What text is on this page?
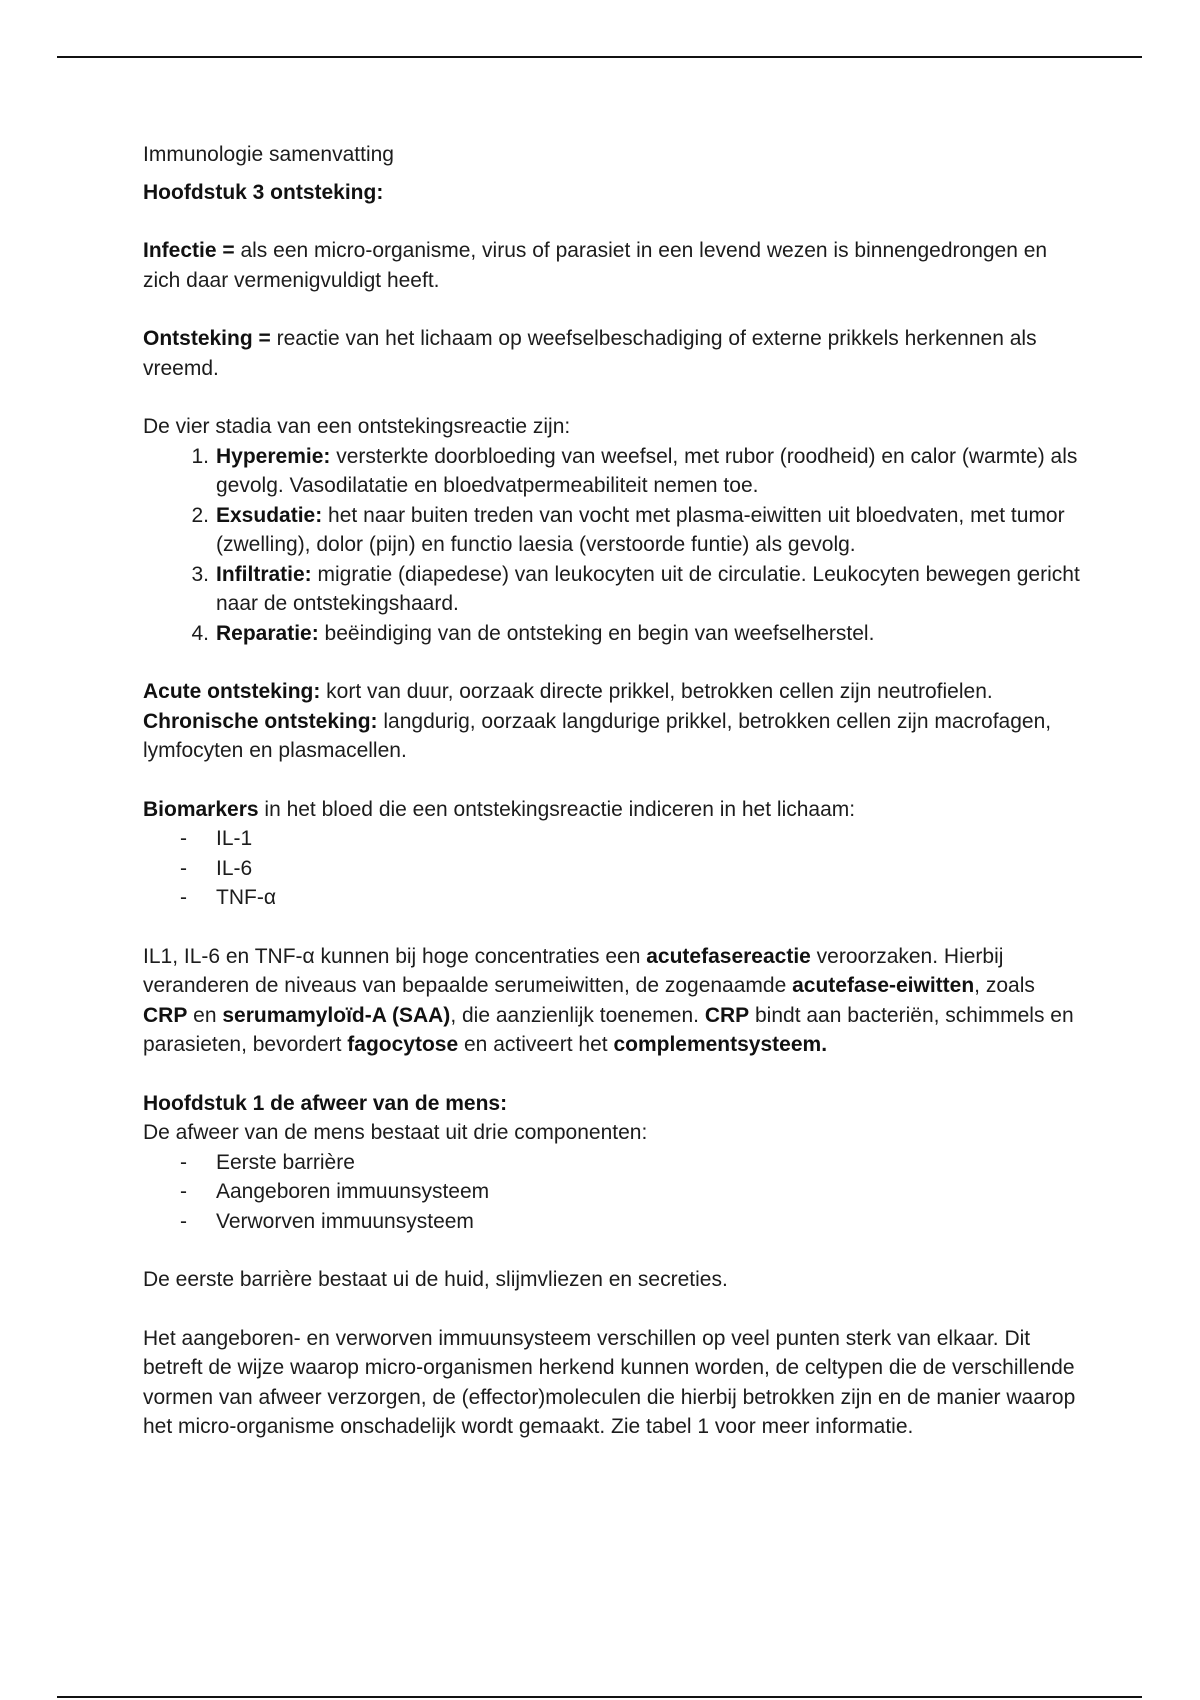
Immunologie samenvatting

Hoofdstuk 3 ontsteking:

Infectie = als een micro-organisme, virus of parasiet in een levend wezen is binnengedrongen en zich daar vermenigvuldigt heeft.

Ontsteking = reactie van het lichaam op weefselbeschadiging of externe prikkels herkennen als vreemd.

De vier stadia van een ontstekingsreactie zijn:

1. Hyperemie: versterkte doorbloeding van weefsel, met rubor (roodheid) en calor (warmte) als gevolg. Vasodilatatie en bloedvatpermeabiliteit nemen toe.
2. Exsudatie: het naar buiten treden van vocht met plasma-eiwitten uit bloedvaten, met tumor (zwelling), dolor (pijn) en functio laesia (verstoorde funtie) als gevolg.
3. Infiltratie: migratie (diapedese) van leukocyten uit de circulatie. Leukocyten bewegen gericht naar de ontstekingshaard.
4. Reparatie: beëindiging van de ontsteking en begin van weefselherstel.

Acute ontsteking: kort van duur, oorzaak directe prikkel, betrokken cellen zijn neutrofielen.

Chronische ontsteking: langdurig, oorzaak langdurige prikkel, betrokken cellen zijn macrofagen, lymfocyten en plasmacellen.

Biomarkers in het bloed die een ontstekingsreactie indiceren in het lichaam:

- IL-1
- IL-6
- TNF-α

IL1, IL-6 en TNF-α kunnen bij hoge concentraties een acutefasereactie veroorzaken. Hierbij veranderen de niveaus van bepaalde serumeiwitten, de zogenaamde acutefase-eiwitten, zoals CRP en serumamyloïd-A (SAA), die aanzienlijk toenemen. CRP bindt aan bacteriën, schimmels en parasieten, bevordert fagocytose en activeert het complementsysteem.

Hoofdstuk 1 de afweer van de mens:

De afweer van de mens bestaat uit drie componenten:

- Eerste barrière
- Aangeboren immuunsysteem
- Verworven immuunsysteem

De eerste barrière bestaat ui de huid, slijmvliezen en secreties.

Het aangeboren- en verworven immuunsysteem verschillen op veel punten sterk van elkaar. Dit betreft de wijze waarop micro-organismen herkend kunnen worden, de celtypen die de verschillende vormen van afweer verzorgen, de (effector)moleculen die hierbij betrokken zijn en de manier waarop het micro-organisme onschadelijk wordt gemaakt. Zie tabel 1 voor meer informatie.
